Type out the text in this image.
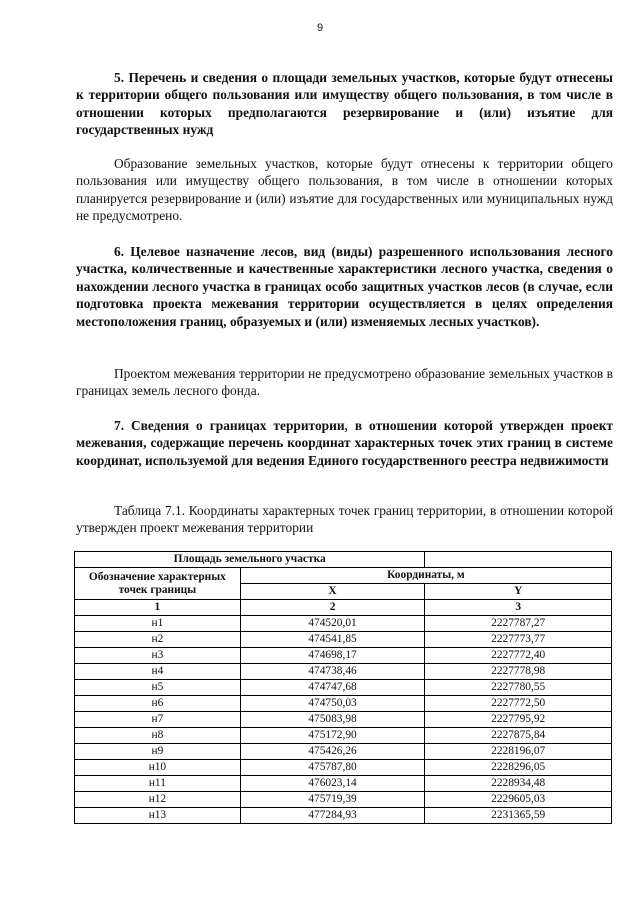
9
5. Перечень и сведения о площади земельных участков, которые будут отнесены к территории общего пользования или имуществу общего пользования, в том числе в отношении которых предполагаются резервирование и (или) изъятие для государственных нужд
Образование земельных участков, которые будут отнесены к территории общего пользования или имуществу общего пользования, в том числе в отношении которых планируется резервирование и (или) изъятие для государственных или муниципальных нужд не предусмотрено.
6. Целевое назначение лесов, вид (виды) разрешенного использования лесного участка, количественные и качественные характеристики лесного участка, сведения о нахождении лесного участка в границах особо защитных участков лесов (в случае, если подготовка проекта межевания территории осуществляется в целях определения местоположения границ, образуемых и (или) изменяемых лесных участков).
Проектом межевания территории не предусмотрено образование земельных участков в границах земель лесного фонда.
7. Сведения о границах территории, в отношении которой утвержден проект межевания, содержащие перечень координат характерных точек этих границ в системе координат, используемой для ведения Единого государственного реестра недвижимости
Таблица 7.1. Координаты характерных точек границ территории, в отношении которой утвержден проект межевания территории
Площадь земельного участка		
Обозначение характерных точек границы	Координаты, м	
	X	Y
1	2	3
н1	474520,01	2227787,27
н2	474541,85	2227773,77
н3	474698,17	2227772,40
н4	474738,46	2227778,98
н5	474747,68	2227780,55
н6	474750,03	2227772,50
н7	475083,98	2227795,92
н8	475172,90	2227875,84
н9	475426,26	2228196,07
н10	475787,80	2228296,05
н11	476023,14	2228934,48
н12	475719,39	2229605,03
н13	477284,93	2231365,59
